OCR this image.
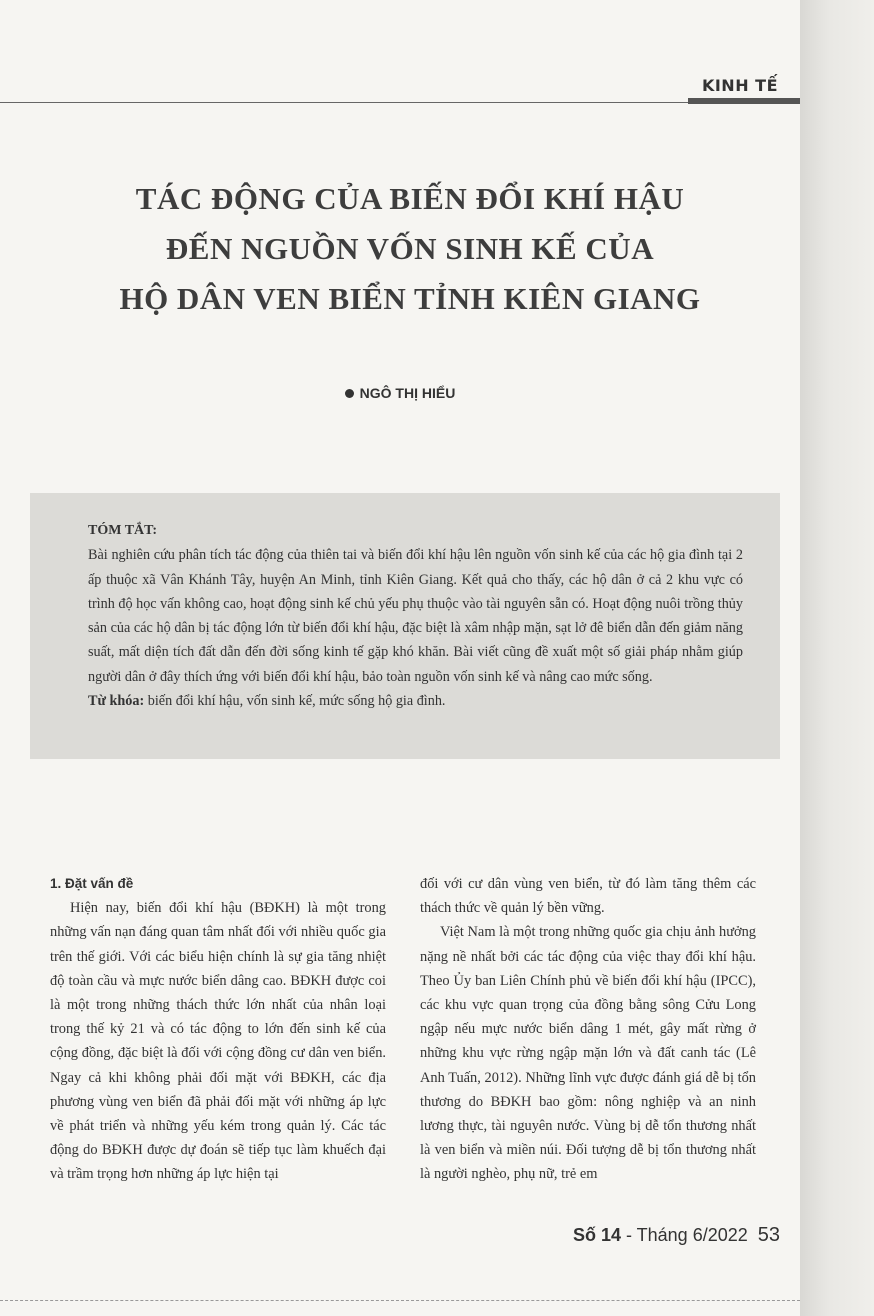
KINH TẾ
TÁC ĐỘNG CỦA BIẾN ĐỔI KHÍ HẬU
ĐẾN NGUỒN VỐN SINH KẾ CỦA
HỘ DÂN VEN BIỂN TỈNH KIÊN GIANG
NGÔ THỊ HIỂU
TÓM TẮT:

Bài nghiên cứu phân tích tác động của thiên tai và biến đổi khí hậu lên nguồn vốn sinh kế của các hộ gia đình tại 2 ấp thuộc xã Vân Khánh Tây, huyện An Minh, tỉnh Kiên Giang. Kết quả cho thấy, các hộ dân ở cả 2 khu vực có trình độ học vấn không cao, hoạt động sinh kế chủ yếu phụ thuộc vào tài nguyên sẵn có. Hoạt động nuôi trồng thủy sản của các hộ dân bị tác động lớn từ biến đổi khí hậu, đặc biệt là xâm nhập mặn, sạt lở đê biển dẫn đến giảm năng suất, mất diện tích đất dẫn đến đời sống kinh tế gặp khó khăn. Bài viết cũng đề xuất một số giải pháp nhằm giúp người dân ở đây thích ứng với biến đổi khí hậu, bảo toàn nguồn vốn sinh kế và nâng cao mức sống.

Từ khóa: biến đổi khí hậu, vốn sinh kế, mức sống hộ gia đình.

1. Đặt vấn đề

Hiện nay, biến đổi khí hậu (BĐKH) là một trong những vấn nạn đáng quan tâm nhất đối với nhiều quốc gia trên thế giới. Với các biểu hiện chính là sự gia tăng nhiệt độ toàn cầu và mực nước biển dâng cao. BĐKH được coi là một trong những thách thức lớn nhất của nhân loại trong thế kỷ 21 và có tác động to lớn đến sinh kế của cộng đồng, đặc biệt là đối với cộng đồng cư dân ven biển. Ngay cả khi không phải đối mặt với BĐKH, các địa phương vùng ven biển đã phải đối mặt với những áp lực về phát triển và những yếu kém trong quản lý. Các tác động do BĐKH được dự đoán sẽ tiếp tục làm khuếch đại và trầm trọng hơn những áp lực hiện tại

đối với cư dân vùng ven biển, từ đó làm tăng thêm các thách thức về quản lý bền vững.

Việt Nam là một trong những quốc gia chịu ảnh hưởng nặng nề nhất bởi các tác động của việc thay đổi khí hậu. Theo Ủy ban Liên Chính phủ về biến đổi khí hậu (IPCC), các khu vực quan trọng của đồng bằng sông Cửu Long ngập nếu mực nước biển dâng 1 mét, gây mất rừng ở những khu vực rừng ngập mặn lớn và đất canh tác (Lê Anh Tuấn, 2012). Những lĩnh vực được đánh giá dễ bị tổn thương do BĐKH bao gồm: nông nghiệp và an ninh lương thực, tài nguyên nước. Vùng bị dễ tổn thương nhất là ven biển và miền núi. Đối tượng dễ bị tổn thương nhất là người nghèo, phụ nữ, trẻ em

Số 14 - Tháng 6/2022 53
